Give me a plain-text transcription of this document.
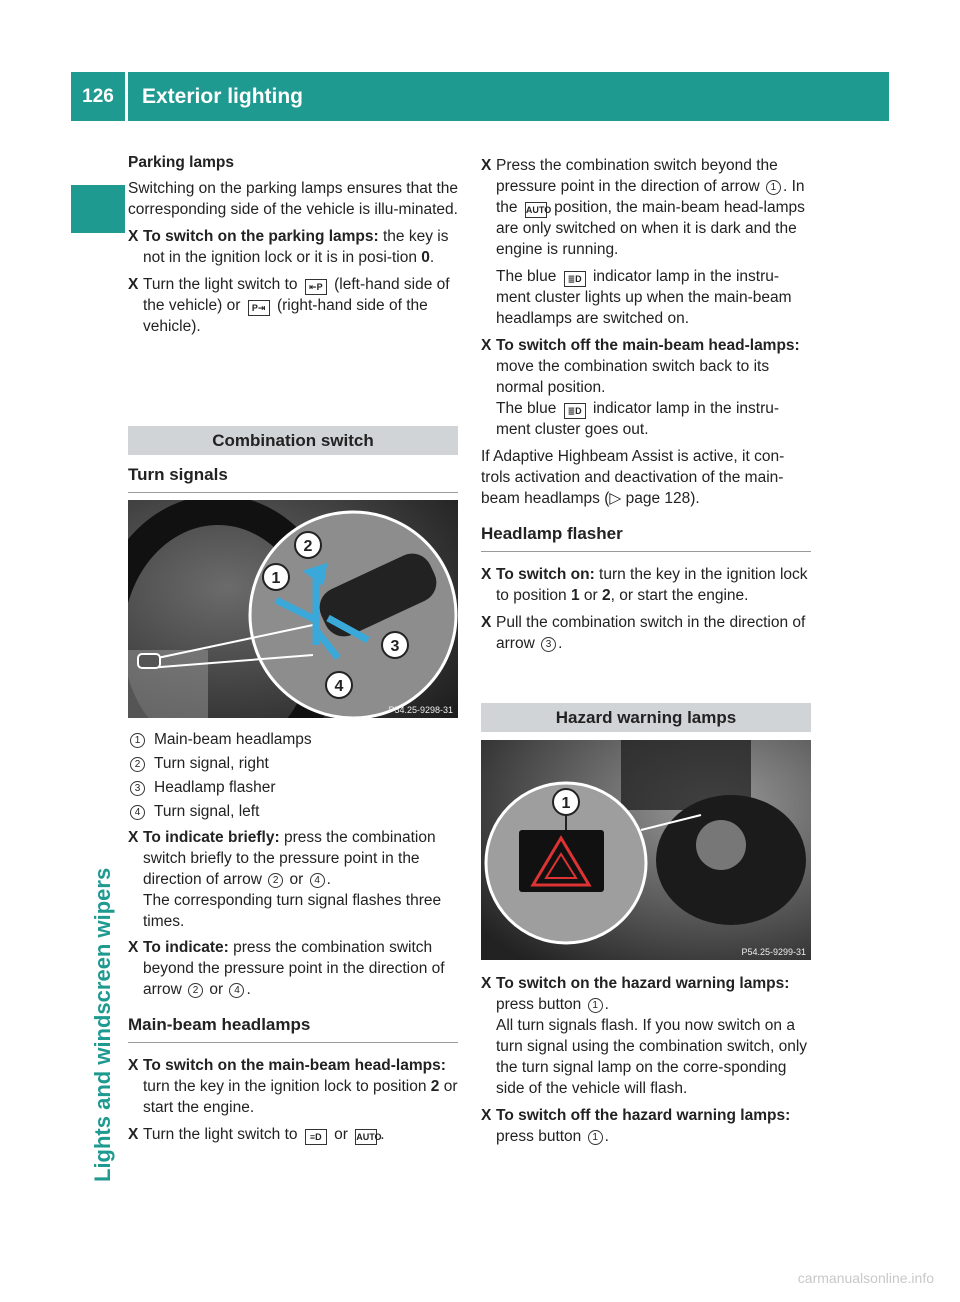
126	Exterior lighting
Lights and windscreen wipers

Parking lamps

Switching on the parking lamps ensures that the corresponding side of the vehicle is illu-minated.

X To switch on the parking lamps: the key is not in the ignition lock or it is in posi-tion 0.

X Turn the light switch to ⇤P (left-hand side of the vehicle) or P⇥ (right-hand side of the vehicle).

Combination switch

Turn signals

2
1
3
4
P54.25-9298-31

1 Main-beam headlamps

2 Turn signal, right

3 Headlamp flasher

4 Turn signal, left

X To indicate briefly: press the combination switch briefly to the pressure point in the direction of arrow 2 or 4 .
The corresponding turn signal flashes three times.

X To indicate: press the combination switch beyond the pressure point in the direction of arrow 2 or 4 .

Main-beam headlamps

X To switch on the main-beam head-lamps: turn the key in the ignition lock to position 2 or start the engine.

X Turn the light switch to ≡D or AUTO.

X Press the combination switch beyond the pressure point in the direction of arrow 1 . In the AUTO position, the main-beam head-lamps are only switched on when it is dark and the engine is running.

The blue ≣D indicator lamp in the instru-ment cluster lights up when the main-beam headlamps are switched on.

X To switch off the main-beam head-lamps: move the combination switch back to its normal position.
The blue ≣D indicator lamp in the instru-ment cluster goes out.

If Adaptive Highbeam Assist is active, it con-trols activation and deactivation of the main-beam headlamps (▷ page 128).

Headlamp flasher

X To switch on: turn the key in the ignition lock to position 1 or 2, or start the engine.

X Pull the combination switch in the direction of arrow 3 .

Hazard warning lamps
1
P54.25-9299-31

X To switch on the hazard warning lamps: press button 1 .
All turn signals flash. If you now switch on a turn signal using the combination switch, only the turn signal lamp on the corre-sponding side of the vehicle will flash.

X To switch off the hazard warning lamps: press button 1 .

carmanualsonline.info
